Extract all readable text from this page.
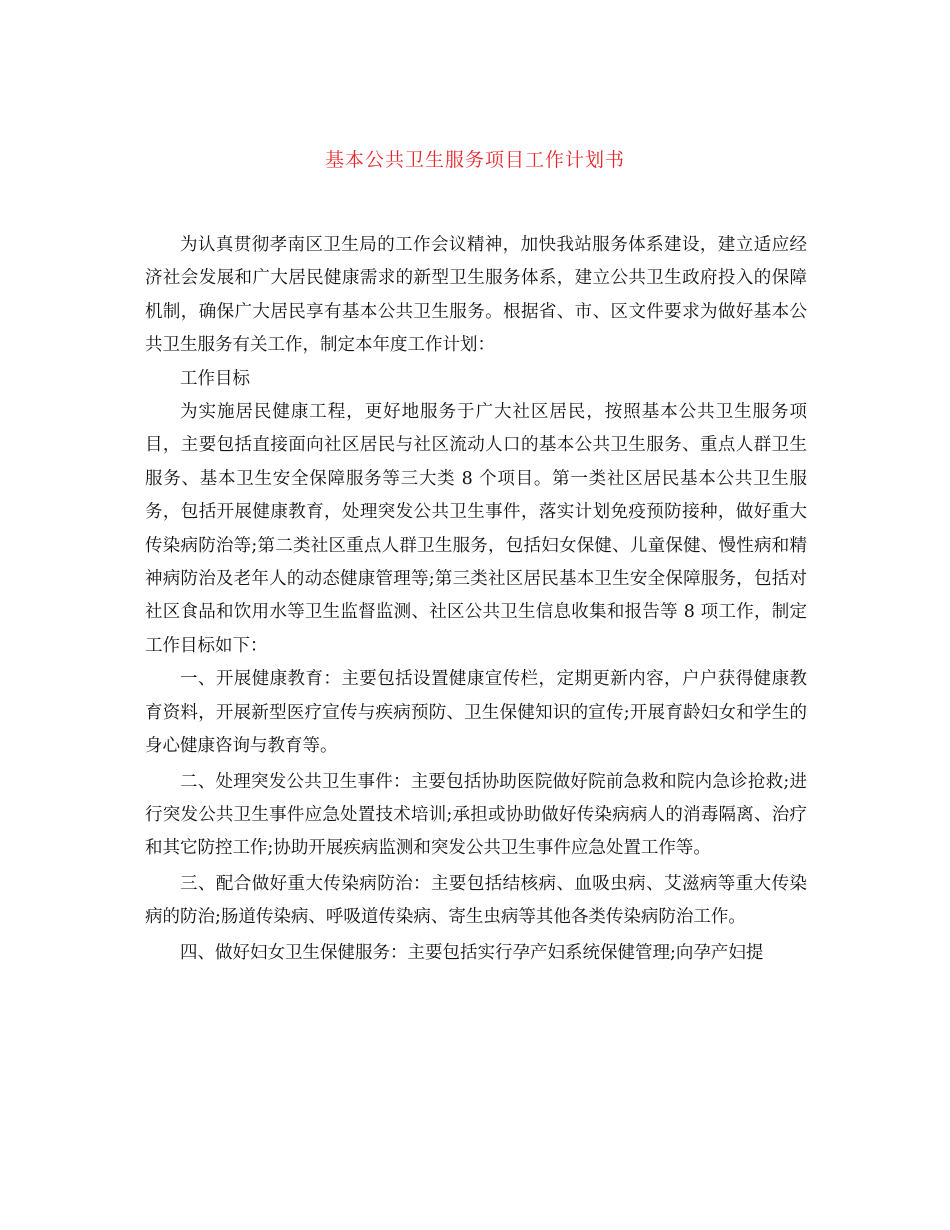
基本公共卫生服务项目工作计划书

为认真贯彻孝南区卫生局的工作会议精神，加快我站服务体系建设，建立适应经济社会发展和广大居民健康需求的新型卫生服务体系，建立公共卫生政府投入的保障机制，确保广大居民享有基本公共卫生服务。根据省、市、区文件要求为做好基本公共卫生服务有关工作，制定本年度工作计划：

工作目标

为实施居民健康工程，更好地服务于广大社区居民，按照基本公共卫生服务项目，主要包括直接面向社区居民与社区流动人口的基本公共卫生服务、重点人群卫生服务、基本卫生安全保障服务等三大类 8 个项目。第一类社区居民基本公共卫生服务，包括开展健康教育，处理突发公共卫生事件，落实计划免疫预防接种，做好重大传染病防治等;第二类社区重点人群卫生服务，包括妇女保健、儿童保健、慢性病和精神病防治及老年人的动态健康管理等;第三类社区居民基本卫生安全保障服务，包括对社区食品和饮用水等卫生监督监测、社区公共卫生信息收集和报告等 8 项工作，制定工作目标如下：

一、开展健康教育：主要包括设置健康宣传栏，定期更新内容，户户获得健康教育资料，开展新型医疗宣传与疾病预防、卫生保健知识的宣传;开展育龄妇女和学生的身心健康咨询与教育等。

二、处理突发公共卫生事件：主要包括协助医院做好院前急救和院内急诊抢救;进行突发公共卫生事件应急处置技术培训;承担或协助做好传染病病人的消毒隔离、治疗和其它防控工作;协助开展疾病监测和突发公共卫生事件应急处置工作等。

三、配合做好重大传染病防治：主要包括结核病、血吸虫病、艾滋病等重大传染病的防治;肠道传染病、呼吸道传染病、寄生虫病等其他各类传染病防治工作。

四、做好妇女卫生保健服务：主要包括实行孕产妇系统保健管理;向孕产妇提
